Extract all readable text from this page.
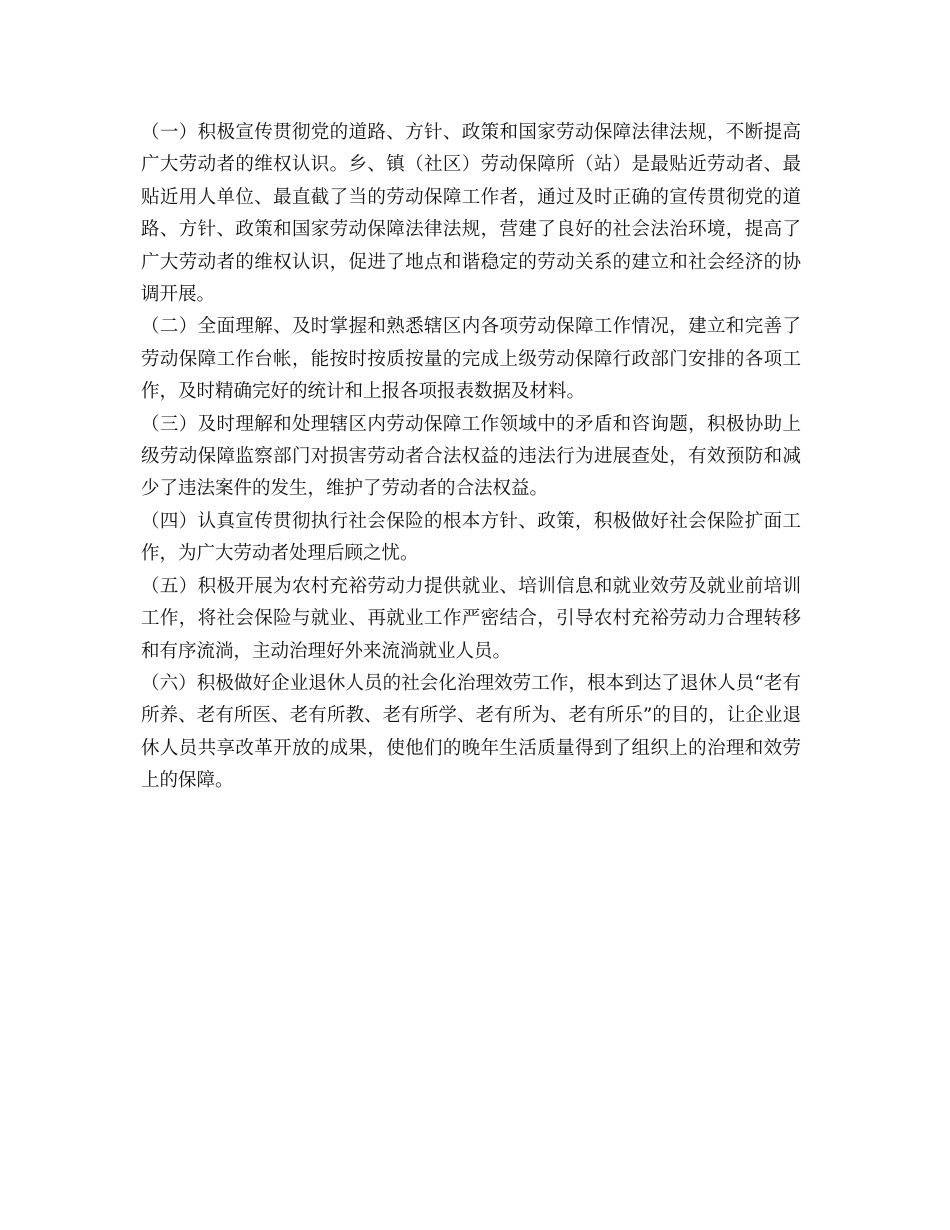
（一）积极宣传贯彻党的道路、方针、政策和国家劳动保障法律法规，不断提高广大劳动者的维权认识。乡、镇（社区）劳动保障所（站）是最贴近劳动者、最贴近用人单位、最直截了当的劳动保障工作者，通过及时正确的宣传贯彻党的道路、方针、政策和国家劳动保障法律法规，营建了良好的社会法治环境，提高了广大劳动者的维权认识，促进了地点和谐稳定的劳动关系的建立和社会经济的协调开展。

（二）全面理解、及时掌握和熟悉辖区内各项劳动保障工作情况，建立和完善了劳动保障工作台帐，能按时按质按量的完成上级劳动保障行政部门安排的各项工作，及时精确完好的统计和上报各项报表数据及材料。

（三）及时理解和处理辖区内劳动保障工作领域中的矛盾和咨询题，积极协助上级劳动保障监察部门对损害劳动者合法权益的违法行为进展查处，有效预防和减少了违法案件的发生，维护了劳动者的合法权益。

（四）认真宣传贯彻执行社会保险的根本方针、政策，积极做好社会保险扩面工作，为广大劳动者处理后顾之忧。

（五）积极开展为农村充裕劳动力提供就业、培训信息和就业效劳及就业前培训工作，将社会保险与就业、再就业工作严密结合，引导农村充裕劳动力合理转移和有序流淌，主动治理好外来流淌就业人员。

（六）积极做好企业退休人员的社会化治理效劳工作，根本到达了退休人员“老有所养、老有所医、老有所教、老有所学、老有所为、老有所乐”的目的，让企业退休人员共享改革开放的成果，使他们的晚年生活质量得到了组织上的治理和效劳上的保障。
